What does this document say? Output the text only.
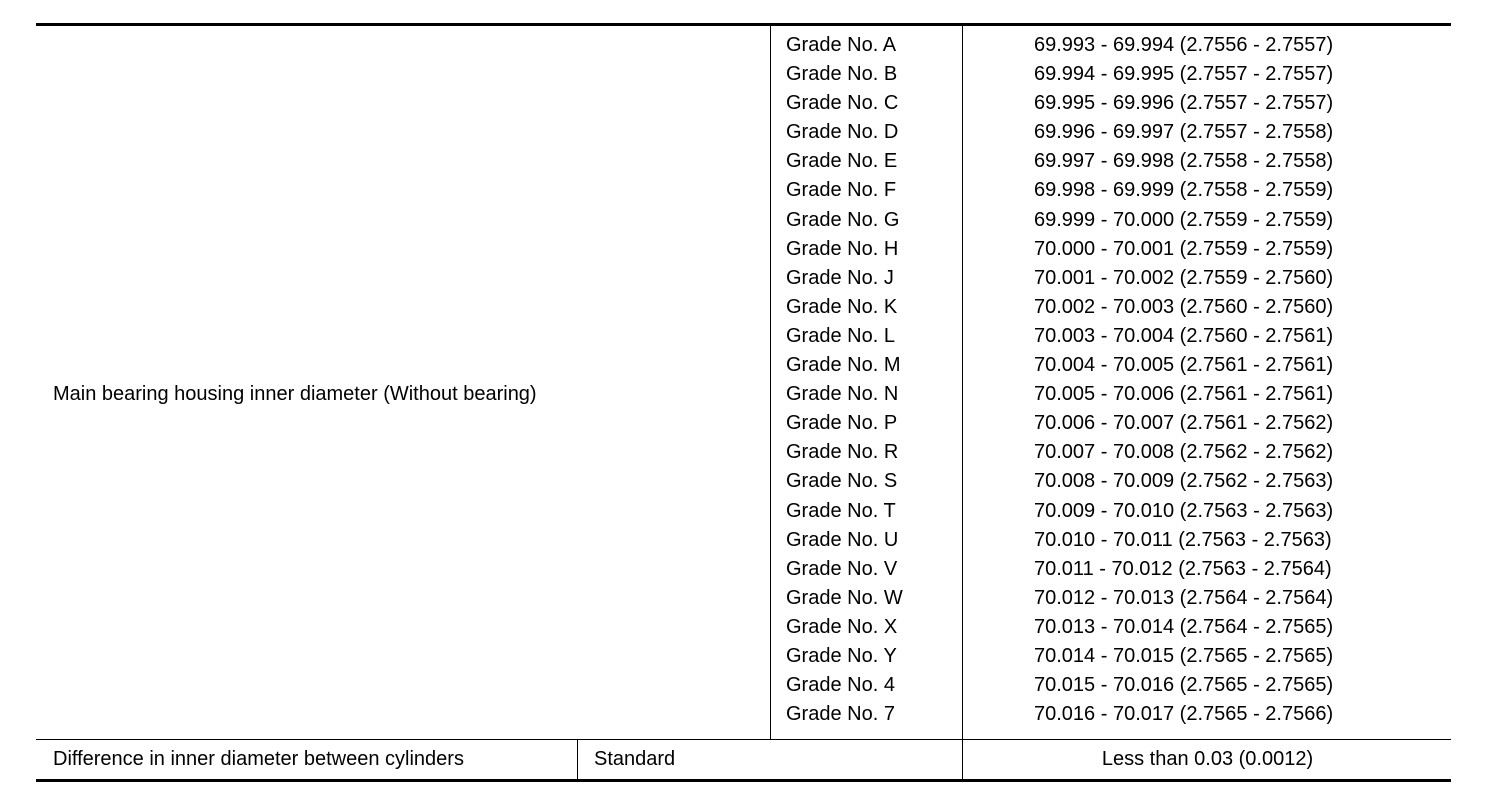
Main bearing housing inner diameter (Without bearing)
Grade No. A
Grade No. B
Grade No. C
Grade No. D
Grade No. E
Grade No. F
Grade No. G
Grade No. H
Grade No. J
Grade No. K
Grade No. L
Grade No. M
Grade No. N
Grade No. P
Grade No. R
Grade No. S
Grade No. T
Grade No. U
Grade No. V
Grade No. W
Grade No. X
Grade No. Y
Grade No. 4
Grade No. 7
69.993 - 69.994 (2.7556 - 2.7557)
69.994 - 69.995 (2.7557 - 2.7557)
69.995 - 69.996 (2.7557 - 2.7557)
69.996 - 69.997 (2.7557 - 2.7558)
69.997 - 69.998 (2.7558 - 2.7558)
69.998 - 69.999 (2.7558 - 2.7559)
69.999 - 70.000 (2.7559 - 2.7559)
70.000 - 70.001 (2.7559 - 2.7559)
70.001 - 70.002 (2.7559 - 2.7560)
70.002 - 70.003 (2.7560 - 2.7560)
70.003 - 70.004 (2.7560 - 2.7561)
70.004 - 70.005 (2.7561 - 2.7561)
70.005 - 70.006 (2.7561 - 2.7561)
70.006 - 70.007 (2.7561 - 2.7562)
70.007 - 70.008 (2.7562 - 2.7562)
70.008 - 70.009 (2.7562 - 2.7563)
70.009 - 70.010 (2.7563 - 2.7563)
70.010 - 70.011 (2.7563 - 2.7563)
70.011 - 70.012 (2.7563 - 2.7564)
70.012 - 70.013 (2.7564 - 2.7564)
70.013 - 70.014 (2.7564 - 2.7565)
70.014 - 70.015 (2.7565 - 2.7565)
70.015 - 70.016 (2.7565 - 2.7565)
70.016 - 70.017 (2.7565 - 2.7566)
Difference in inner diameter between cylinders	Standard	Less than 0.03 (0.0012)
